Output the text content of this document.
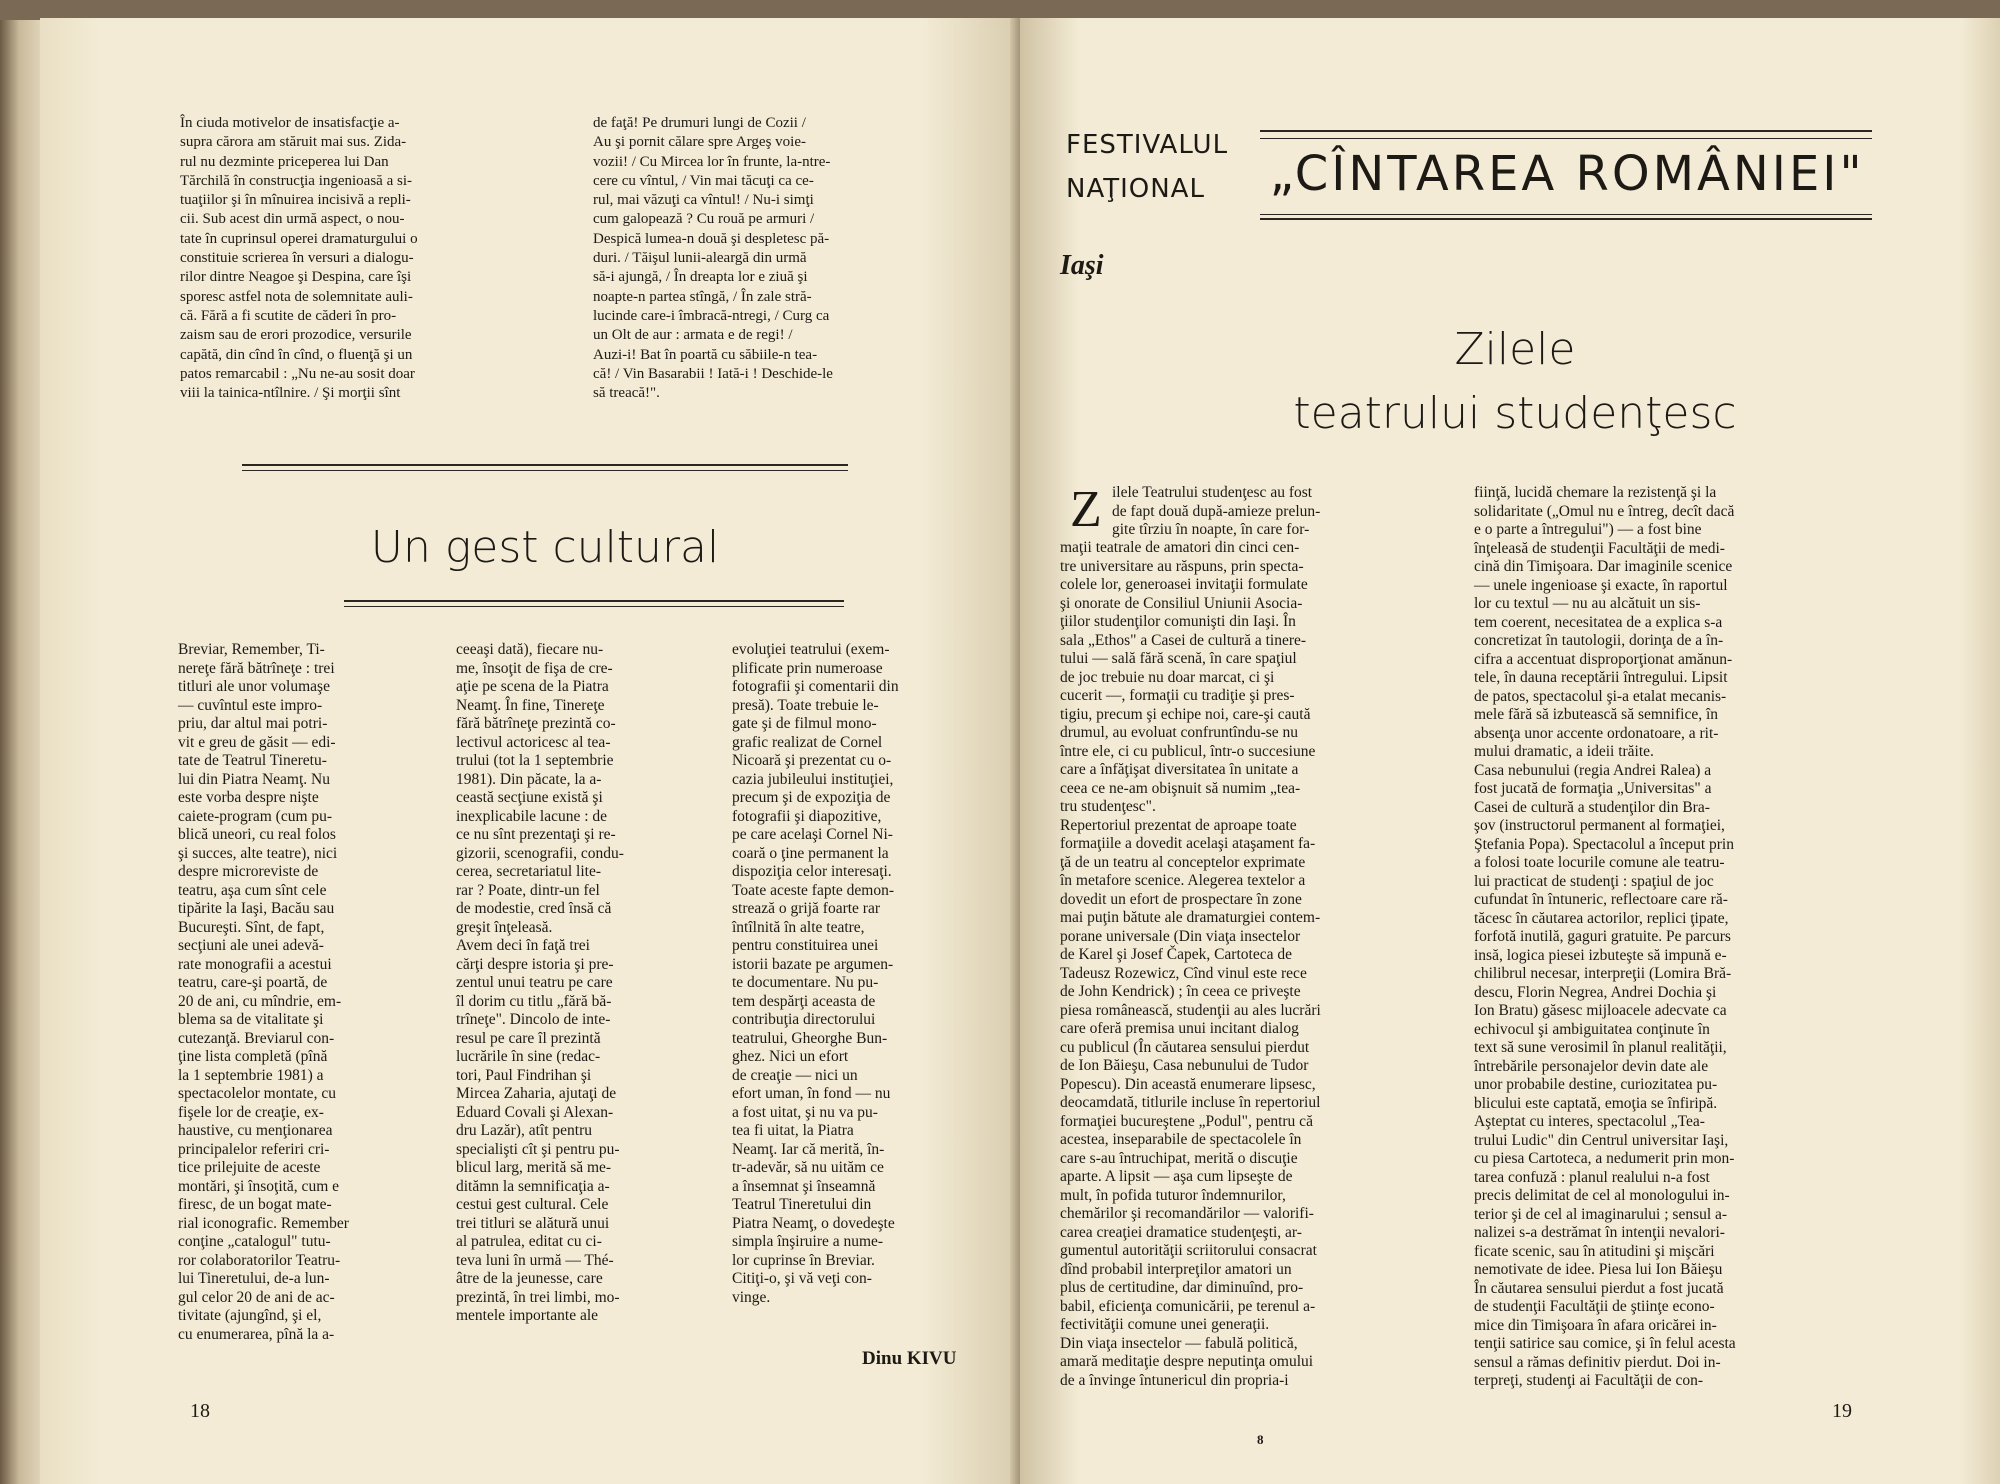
În ciuda motivelor de insatisfacţie a-
supra cărora am stăruit mai sus. Zida-
rul nu dezminte priceperea lui Dan
Tărchilă în construcţia ingenioasă a si-
tuaţiilor şi în mînuirea incisivă a repli-
cii. Sub acest din urmă aspect, o nou-
tate în cuprinsul operei dramaturgului o
constituie scrierea în versuri a dialogu-
rilor dintre Neagoe şi Despina, care îşi
sporesc astfel nota de solemnitate auli-
că. Fără a fi scutite de căderi în pro-
zaism sau de erori prozodice, versurile
capătă, din cînd în cînd, o fluenţă şi un
patos remarcabil : „Nu ne-au sosit doar
viii la tainica-ntîlnire. / Şi morţii sînt
de faţă! Pe drumuri lungi de Cozii /
Au şi pornit călare spre Argeş voie-
vozii! / Cu Mircea lor în frunte, la-ntre-
cere cu vîntul, / Vin mai tăcuţi ca ce-
rul, mai văzuţi ca vîntul! / Nu-i simţi
cum galopează ? Cu rouă pe armuri /
Despică lumea-n două şi despletesc pă-
duri. / Tăişul lunii-aleargă din urmă
să-i ajungă, / În dreapta lor e ziuă şi
noapte-n partea stîngă, / În zale stră-
lucinde care-i îmbracă-ntregi, / Curg ca
un Olt de aur : armata e de regi! /
Auzi-i! Bat în poartă cu săbiile-n tea-
că! / Vin Basarabii ! Iată-i ! Deschide-le
să treacă!".
Un gest cultural
Breviar, Remember, Ti-
nereţe fără bătrîneţe : trei
titluri ale unor volumaşe
— cuvîntul este impro-
priu, dar altul mai potri-
vit e greu de găsit — edi-
tate de Teatrul Tineretu-
lui din Piatra Neamţ. Nu
este vorba despre nişte
caiete-program (cum pu-
blică uneori, cu real folos
şi succes, alte teatre), nici
despre microreviste de
teatru, aşa cum sînt cele
tipărite la Iaşi, Bacău sau
Bucureşti. Sînt, de fapt,
secţiuni ale unei adevă-
rate monografii a acestui
teatru, care-şi poartă, de
20 de ani, cu mîndrie, em-
blema sa de vitalitate şi
cutezanţă. Breviarul con-
ţine lista completă (pînă
la 1 septembrie 1981) a
spectacolelor montate, cu
fişele lor de creaţie, ex-
haustive, cu menţionarea
principalelor referiri cri-
tice prilejuite de aceste
montări, şi însoţită, cum e
firesc, de un bogat mate-
rial iconografic. Remember
conţine „catalogul" tutu-
ror colaboratorilor Teatru-
lui Tineretului, de-a lun-
gul celor 20 de ani de ac-
tivitate (ajungînd, şi el,
cu enumerarea, pînă la a-
ceeaşi dată), fiecare nu-
me, însoţit de fişa de cre-
aţie pe scena de la Piatra
Neamţ. În fine, Tinereţe
fără bătrîneţe prezintă co-
lectivul actoricesc al tea-
trului (tot la 1 septembrie
1981). Din păcate, la a-
ceastă secţiune există şi
inexplicabile lacune : de
ce nu sînt prezentaţi şi re-
gizorii, scenografii, condu-
cerea, secretariatul lite-
rar ? Poate, dintr-un fel
de modestie, cred însă că
greşit înţeleasă.
Avem deci în faţă trei
cărţi despre istoria şi pre-
zentul unui teatru pe care
îl dorim cu titlu „fără bă-
trîneţe". Dincolo de inte-
resul pe care îl prezintă
lucrările în sine (redac-
tori, Paul Findrihan şi
Mircea Zaharia, ajutaţi de
Eduard Covali şi Alexan-
dru Lazăr), atît pentru
specialişti cît şi pentru pu-
blicul larg, merită să me-
ditămn la semnificaţia a-
cestui gest cultural. Cele
trei titluri se alătură unui
al patrulea, editat cu ci-
teva luni în urmă — Thé-
âtre de la jeunesse, care
prezintă, în trei limbi, mo-
mentele importante ale
evoluţiei teatrului (exem-
plificate prin numeroase
fotografii şi comentarii din
presă). Toate trebuie le-
gate şi de filmul mono-
grafic realizat de Cornel
Nicoară şi prezentat cu o-
cazia jubileului instituţiei,
precum şi de expoziţia de
fotografii şi diapozitive,
pe care acelaşi Cornel Ni-
coară o ţine permanent la
dispoziţia celor interesaţi.
Toate aceste fapte demon-
strează o grijă foarte rar
întîlnită în alte teatre,
pentru constituirea unei
istorii bazate pe argumen-
te documentare. Nu pu-
tem despărţi aceasta de
contribuţia directorului
teatrului, Gheorghe Bun-
ghez. Nici un efort
de creaţie — nici un
efort uman, în fond — nu
a fost uitat, şi nu va pu-
tea fi uitat, la Piatra
Neamţ. Iar că merită, în-
tr-adevăr, să nu uităm ce
a însemnat şi înseamnă
Teatrul Tineretului din
Piatra Neamţ, o dovedeşte
simpla înşiruire a nume-
lor cuprinse în Breviar.
Citiţi-o, şi vă veţi con-
vinge.
Dinu KIVU
18
FESTIVALUL
NAŢIONAL	„CÎNTAREA ROMÂNIEI"
Iaşi
Zilele
teatrului studenţesc
Z ilele Teatrului studenţesc au fost
de fapt două după-amieze prelun-
gite tîrziu în noapte, în care for-
maţii teatrale de amatori din cinci cen-
tre universitare au răspuns, prin specta-
colele lor, generoasei invitaţii formulate
şi onorate de Consiliul Uniunii Asocia-
ţiilor studenţilor comunişti din Iaşi. În
sala „Ethos" a Casei de cultură a tinere-
tului — sală fără scenă, în care spaţiul
de joc trebuie nu doar marcat, ci şi
cucerit —, formaţii cu tradiţie şi pres-
tigiu, precum şi echipe noi, care-şi caută
drumul, au evoluat confruntîndu-se nu
între ele, ci cu publicul, într-o succesiune
care a înfăţişat diversitatea în unitate a
ceea ce ne-am obişnuit să numim „tea-
tru studenţesc".
Repertoriul prezentat de aproape toate
formaţiile a dovedit acelaşi ataşament fa-
ţă de un teatru al conceptelor exprimate
în metafore scenice. Alegerea textelor a
dovedit un efort de prospectare în zone
mai puţin bătute ale dramaturgiei contem-
porane universale (Din viaţa insectelor
de Karel şi Josef Čapek, Cartoteca de
Tadeusz Rozewicz, Cînd vinul este rece
de John Kendrick) ; în ceea ce priveşte
piesa românească, studenţii au ales lucrări
care oferă premisa unui incitant dialog
cu publicul (În căutarea sensului pierdut
de Ion Băieşu, Casa nebunului de Tudor
Popescu). Din această enumerare lipsesc,
deocamdată, titlurile incluse în repertoriul
formaţiei bucureştene „Podul", pentru că
acestea, inseparabile de spectacolele în
care s-au întruchipat, merită o discuţie
aparte. A lipsit — aşa cum lipseşte de
mult, în pofida tuturor îndemnurilor,
chemărilor şi recomandărilor — valorifi-
carea creaţiei dramatice studenţeşti, ar-
gumentul autorităţii scriitorului consacrat
dînd probabil interpreţilor amatori un
plus de certitudine, dar diminuînd, pro-
babil, eficienţa comunicării, pe terenul a-
fectivităţii comune unei generaţii.
Din viaţa insectelor — fabulă politică,
amară meditaţie despre neputinţa omului
de a învinge întunericul din propria-i
fiinţă, lucidă chemare la rezistenţă şi la
solidaritate („Omul nu e întreg, decît dacă
e o parte a întregului") — a fost bine
înţeleasă de studenţii Facultăţii de medi-
cină din Timişoara. Dar imaginile scenice
— unele ingenioase şi exacte, în raportul
lor cu textul — nu au alcătuit un sis-
tem coerent, necesitatea de a explica s-a
concretizat în tautologii, dorinţa de a în-
cifra a accentuat disproporţionat amănun-
tele, în dauna receptării întregului. Lipsit
de patos, spectacolul şi-a etalat mecanis-
mele fără să izbutească să semnifice, în
absenţa unor accente ordonatoare, a rit-
mului dramatic, a ideii trăite.
Casa nebunului (regia Andrei Ralea) a
fost jucată de formaţia „Universitas" a
Casei de cultură a studenţilor din Bra-
şov (instructorul permanent al formaţiei,
Ştefania Popa). Spectacolul a început prin
a folosi toate locurile comune ale teatru-
lui practicat de studenţi : spaţiul de joc
cufundat în întuneric, reflectoare care ră-
tăcesc în căutarea actorilor, replici ţipate,
forfotă inutilă, gaguri gratuite. Pe parcurs
insă, logica piesei izbuteşte să impună e-
chilibrul necesar, interpreţii (Lomira Bră-
descu, Florin Negrea, Andrei Dochia şi
Ion Bratu) găsesc mijloacele adecvate ca
echivocul şi ambiguitatea conţinute în
text să sune verosimil în planul realităţii,
întrebările personajelor devin date ale
unor probabile destine, curiozitatea pu-
blicului este captată, emoţia se înfiripă.
Aşteptat cu interes, spectacolul „Tea-
trului Ludic" din Centrul universitar Iaşi,
cu piesa Cartoteca, a nedumerit prin mon-
tarea confuză : planul realului n-a fost
precis delimitat de cel al monologului in-
terior şi de cel al imaginarului ; sensul a-
nalizei s-a destrămat în intenţii nevalori-
ficate scenic, sau în atitudini şi mişcări
nemotivate de idee. Piesa lui Ion Băieşu
În căutarea sensului pierdut a fost jucată
de studenţii Facultăţii de ştiinţe econo-
mice din Timişoara în afara oricărei in-
tenţii satirice sau comice, şi în felul acesta
sensul a rămas definitiv pierdut. Doi in-
terpreţi, studenţi ai Facultăţii de con-
8
19
